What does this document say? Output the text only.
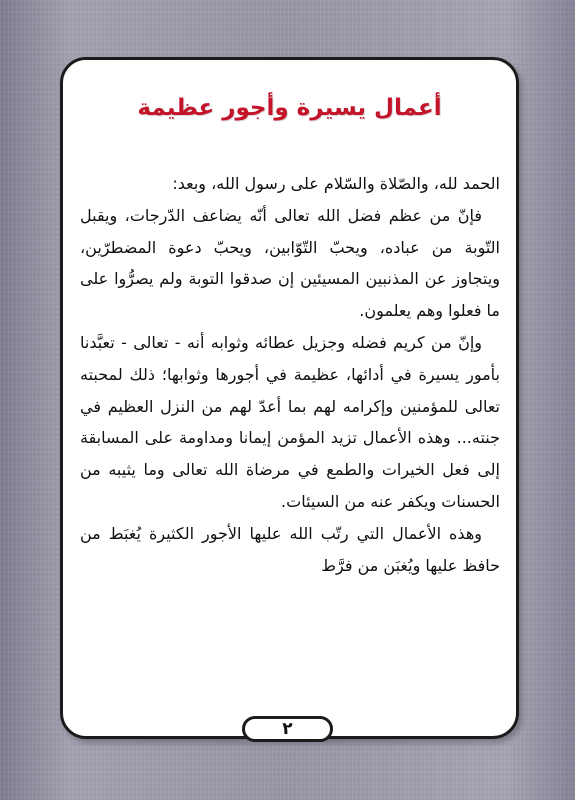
أعمال يسيرة وأجور عظيمة

الحمد لله، والصّلاة والسّلام على رسول الله، وبعد:

فإنّ من عظم فضل الله تعالى أنّه يضاعف الدّرجات، ويقبل التّوبة من عباده، ويحبّ التّوّابين، ويحبّ دعوة المضطرّين، ويتجاوز عن المذنبين المسيئين إن صدقوا التوبة ولم يصرُّوا على ما فعلوا وهم يعلمون.

وإنّ من كريم فضله وجزيل عطائه وثوابه أنه - تعالى - تعبَّدنا بأمور يسيرة في أدائها، عظيمة في أجورها وثوابها؛ ذلك لمحبته تعالى للمؤمنين وإكرامه لهم بما أعدّ لهم من النزل العظيم في جنته... وهذه الأعمال تزيد المؤمن إيمانا ومداومة على المسابقة إلى فعل الخيرات والطمع في مرضاة الله تعالى وما يثيبه من الحسنات ويكفر عنه من السيئات.

وهذه الأعمال التي رتّب الله عليها الأجور الكثيرة يُغبَط من حافظ عليها ويُغبَن من فرَّط

٢
